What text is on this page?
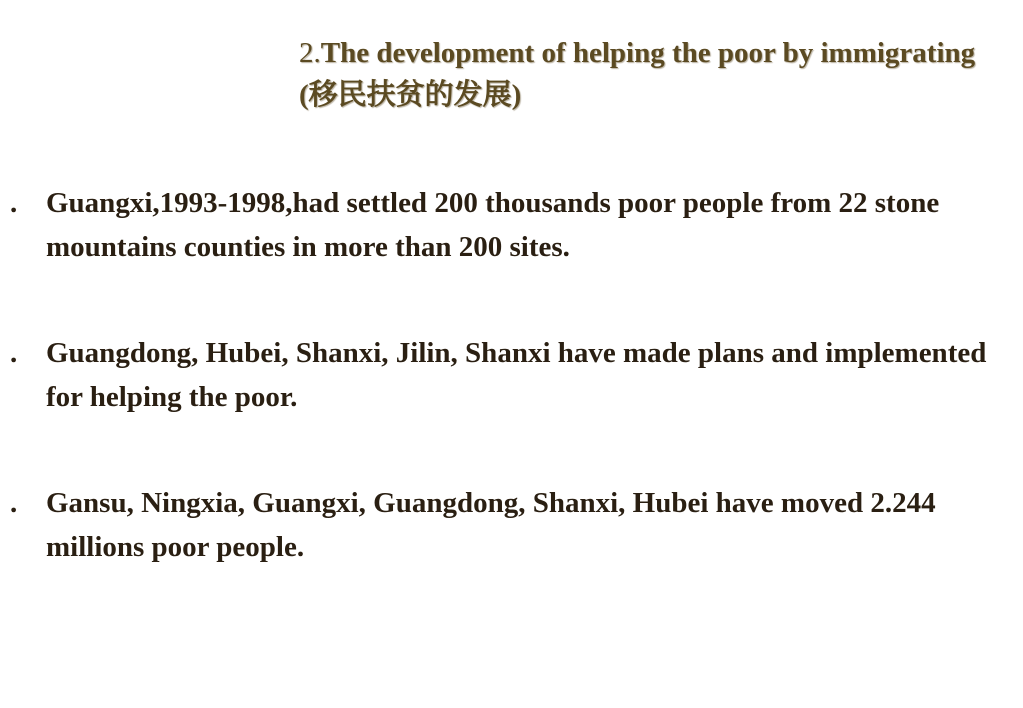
2.The development of helping the poor by immigrating (移民扶贫的发展)
. Guangxi,1993-1998,had settled 200 thousands poor people from 22 stone mountains counties in more than 200 sites.
. Guangdong, Hubei, Shanxi, Jilin, Shanxi have made plans and implemented for helping the poor.
. Gansu, Ningxia, Guangxi, Guangdong, Shanxi, Hubei have moved 2.244 millions poor people.
